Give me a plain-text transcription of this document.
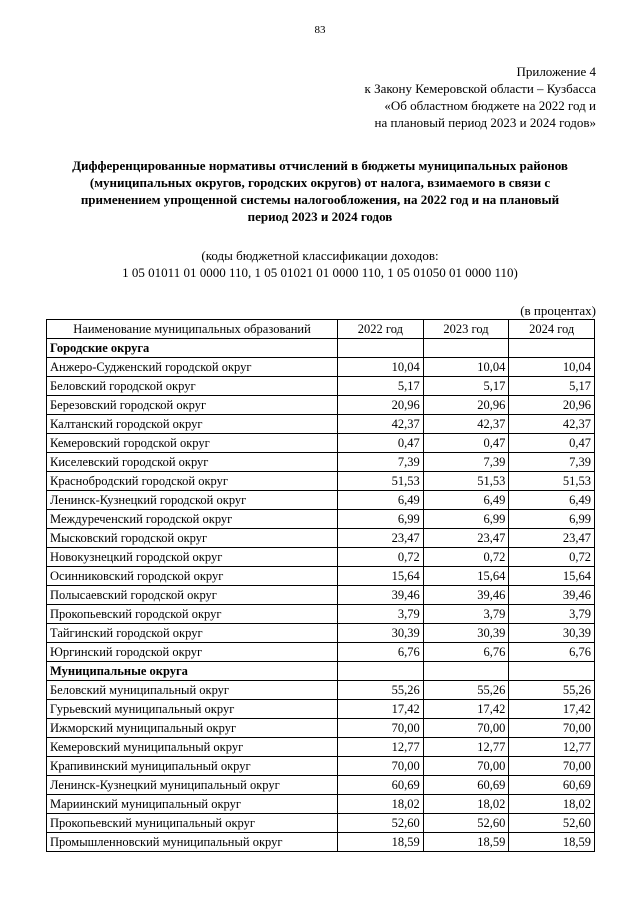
83
Приложение 4
к Закону Кемеровской области – Кузбасса
«Об областном бюджете на 2022 год и
на плановый период 2023 и 2024 годов»
Дифференцированные нормативы отчислений в бюджеты муниципальных районов
(муниципальных округов, городских округов) от налога, взимаемого в связи с
применением упрощенной системы налогообложения, на 2022 год и на плановый
период 2023 и 2024 годов
(коды бюджетной классификации доходов:
1 05 01011 01 0000 110, 1 05 01021 01 0000 110, 1 05 01050 01 0000 110)
(в процентах)
Наименование муниципальных образований	2022 год	2023 год	2024 год
Городские округа			
Анжеро-Судженский городской округ	10,04	10,04	10,04
Беловский городской округ	5,17	5,17	5,17
Березовский городской округ	20,96	20,96	20,96
Калтанский городской округ	42,37	42,37	42,37
Кемеровский городской округ	0,47	0,47	0,47
Киселевский городской округ	7,39	7,39	7,39
Краснобродский городской округ	51,53	51,53	51,53
Ленинск-Кузнецкий городской округ	6,49	6,49	6,49
Междуреченский городской округ	6,99	6,99	6,99
Мысковский городской округ	23,47	23,47	23,47
Новокузнецкий городской округ	0,72	0,72	0,72
Осинниковский городской округ	15,64	15,64	15,64
Полысаевский городской округ	39,46	39,46	39,46
Прокопьевский городской округ	3,79	3,79	3,79
Тайгинский городской округ	30,39	30,39	30,39
Юргинский городской округ	6,76	6,76	6,76
Муниципальные округа			
Беловский муниципальный округ	55,26	55,26	55,26
Гурьевский муниципальный округ	17,42	17,42	17,42
Ижморский муниципальный округ	70,00	70,00	70,00
Кемеровский муниципальный округ	12,77	12,77	12,77
Крапивинский муниципальный округ	70,00	70,00	70,00
Ленинск-Кузнецкий муниципальный округ	60,69	60,69	60,69
Мариинский муниципальный округ	18,02	18,02	18,02
Прокопьевский муниципальный округ	52,60	52,60	52,60
Промышленновский муниципальный округ	18,59	18,59	18,59
